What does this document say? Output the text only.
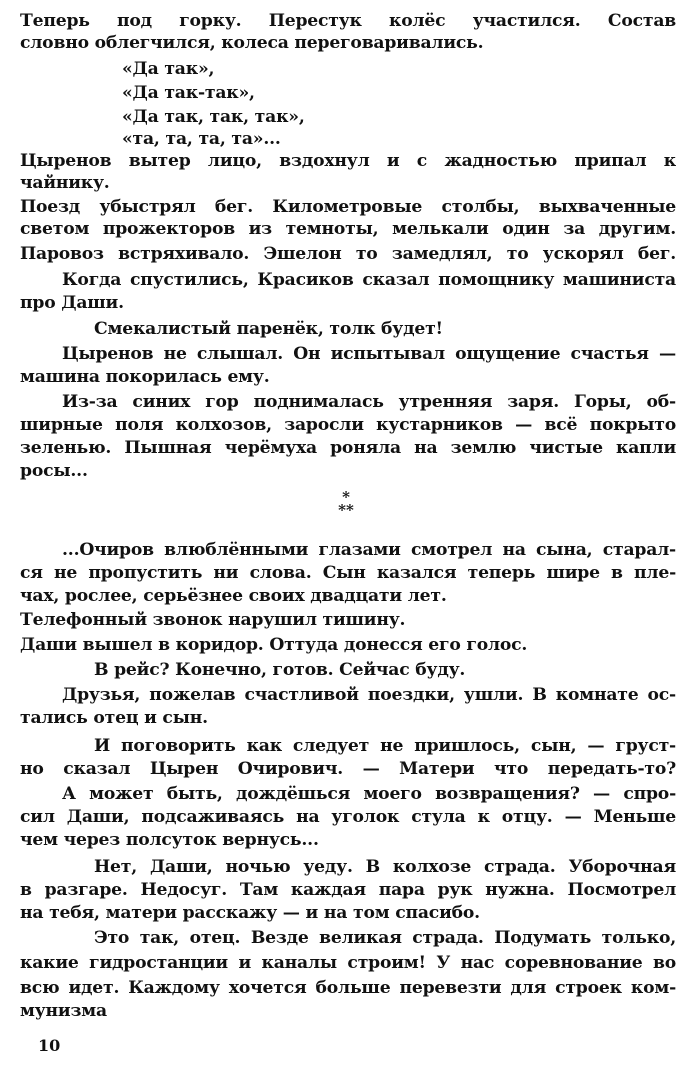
Теперь под горку. Перестук колёс участился. Состав
словно облегчился, колеса переговаривались.
«Да так»,
«Да так-так»,
«Да так, так, так»,
«та, та, та, та»...
Цыренов вытер лицо, вздохнул и с жадностью припал к
чайнику.
Поезд убыстрял бег. Километровые столбы, выхваченные
светом прожекторов из темноты, мелькали один за другим.
Паровоз встряхивало. Эшелон то замедлял, то ускорял бег.
Когда спустились, Красиков сказал помощнику машиниста
про Даши.
Смекалистый паренёк, толк будет!
Цыренов не слышал. Он испытывал ощущение счастья —
машина покорилась ему.
Из-за синих гор поднималась утренняя заря. Горы, об-
ширные поля колхозов, заросли кустарников — всё покрыто
зеленью. Пышная черёмуха роняла на землю чистые капли
росы...
* **
...Очиров влюблёнными глазами смотрел на сына, старал-
ся не пропустить ни слова. Сын казался теперь шире в пле-
чах, рослее, серьёзнее своих двадцати лет.
Телефонный звонок нарушил тишину.
Даши вышел в коридор. Оттуда донесся его голос.
В рейс? Конечно, готов. Сейчас буду.
Друзья, пожелав счастливой поездки, ушли. В комнате ос-
тались отец и сын.
И поговорить как следует не пришлось, сын, — груст-
но сказал Цырен Очирович. — Матери что передать-то?
А может быть, дождёшься моего возвращения? — спро-
сил Даши, подсаживаясь на уголок стула к отцу. — Меньше
чем через полсуток вернусь...
Нет, Даши, ночью уеду. В колхозе страда. Уборочная
в разгаре. Недосуг. Там каждая пара рук нужна. Посмотрел
на тебя, матери расскажу — и на том спасибо.
Это так, отец. Везде великая страда. Подумать только,
какие гидростанции и каналы строим! У нас соревнование во
всю идет. Каждому хочется больше перевезти для строек ком-
мунизма
10
